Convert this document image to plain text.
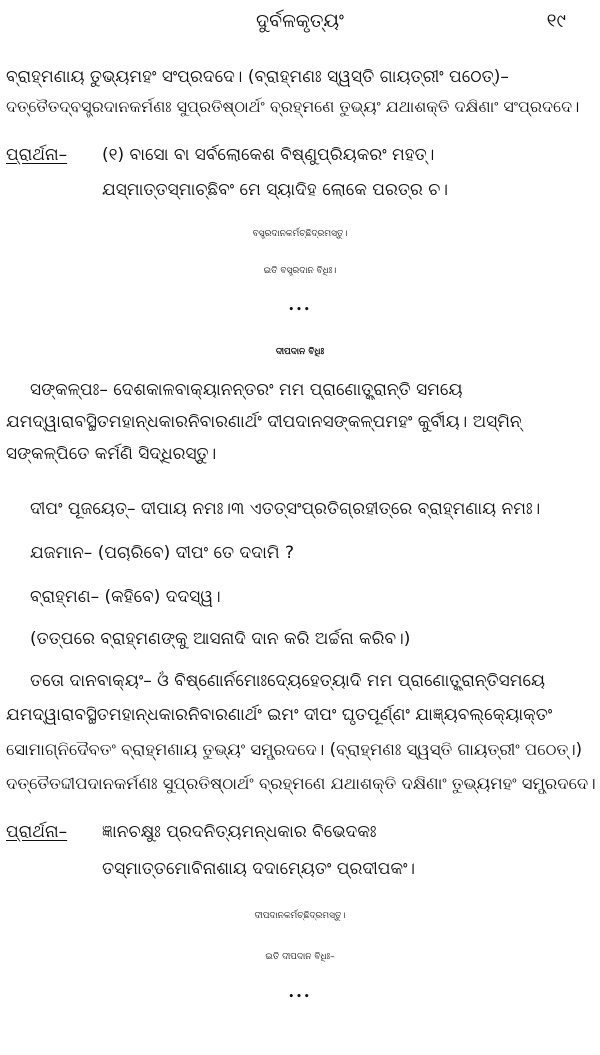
ଦୁର୍ବଳକୃତ୍ୟଂ	୧୯
ବ୍ରାହ୍ମଣାୟ ତୁଭ୍ୟମହଂ ସଂପ୍ରଦଦେ। (ବ୍ରାହ୍ମଣଃ ସ୍ୱସ୍ତି ଗାୟତ୍ରୀଂ ପଠେତ୍)–
ଦତ୍ତୈତଦ୍‌ବସ୍ତ୍ରଦାନକର୍ମଣଃ ସୁପ୍ରତିଷ୍ଠାର୍ଥଂ ବ୍ରହ୍ମଣେ ତୁଭ୍ୟଂ ଯଥାଶକ୍ତି ଦକ୍ଷିଣାଂ ସଂପ୍ରଦଦେ।
ପ୍ରାର୍ଥନା– (୧) ବାସୋ ବା ସର୍ବଲୋକେଶ ବିଷ୍ଣୁପ୍ରିୟକରଂ ମହତ୍।
ଯସ୍ମାତ୍ତସ୍ମାଚ୍ଛିବଂ ମେ ସ୍ୟାଦିହ ଲୋକେ ପରତ୍ର ଚ।
ବସ୍ତ୍ରଦାନକର୍ମଚ୍ଛିଦ୍ରମସ୍ତୁ।
ଇତି ବସ୍ତ୍ରଦାନ ବିଧିଃ।
•••
ଦୀପଦାନ ବିଧିଃ
ସଙ୍କଳ୍ପଃ– ଦେଶକାଳବାକ୍ୟାନନ୍ତରଂ ମମ ପ୍ରାଣୋତ୍କ୍ରାନ୍ତି ସମୟେ
ଯମଦ୍ୱାରାବସ୍ଥିତମହାନ୍ଧକାରନିବାରଣାର୍ଥଂ ଦୀପଦାନସଙ୍କଳ୍ପମହଂ କୁର୍ବୀୟ। ଅସ୍ମିନ୍
ସଙ୍କଳ୍ପିତେ କର୍ମଣି ସିଦ୍ଧିରସ୍ତୁ।
ଦୀପଂ ପୂଜୟେତ୍– ଦୀପାୟ ନମଃ।୩ ଏତତ୍‌ସଂପ୍ରତିଗ୍ରହୀତ୍ରେ ବ୍ରାହ୍ମଣାୟ ନମଃ।
ଯଜମାନ– (ପଚାରିବେ) ଦୀପଂ ତେ ଦଦାମି ?
ବ୍ରାହ୍ମଣ– (କହିବେ) ଦଦସ୍ୱ।
(ତତ୍‌ପରେ ବ୍ରାହ୍ମଣଙ୍କୁ ଆସନାଦି ଦାନ କରି ଅର୍ଚ୍ଚନା କରିବ।)
ତତୋ ଦାନବାକ୍ୟଂ– ଓଁ ବିଷ୍ଣୋର୍ନମୋଃଦ୍ୟେହେତ୍ୟାଦି ମମ ପ୍ରାଣୋତ୍କ୍ରାନ୍ତିସମୟେ
ଯମଦ୍ୱାରାବସ୍ଥିତମହାନ୍ଧକାରନିବାରଣାର୍ଥଂ ଇମଂ ଦୀପଂ ଘୃତପୂର୍ଣ୍ଣଂ ଯାଜ୍ଞ୍ୟବଲ୍କ୍ୟୋକ୍ତଂ
ସୋମାଗ୍ନିଦୈବତଂ ବ୍ରାହ୍ମଣାୟ ତୁଭ୍ୟଂ ସମ୍ପ୍ରଦଦେ। (ବ୍ରାହ୍ମଣଃ ସ୍ୱସ୍ତି ଗାୟତ୍ରୀଂ ପଠେତ୍।)
ଦତ୍ତୈତଦ୍ଦୀପଦାନକର୍ମଣଃ ସୁପ୍ରତିଷ୍ଠାର୍ଥଂ ବ୍ରହ୍ମଣେ ଯଥାଶକ୍ତି ଦକ୍ଷିଣାଂ ତୁଭ୍ୟମହଂ ସମ୍ପ୍ରଦଦେ।
ପ୍ରାର୍ଥନା– ଜ୍ଞାନଚକ୍ଷୁଃ ପ୍ରଦନିତ୍ୟମନ୍ଧକାର ବିଭେଦକଃ
ତସ୍ମାତ୍ତମୋବିନାଶାୟ ଦଦାମ୍ୟେତଂ ପ୍ରଦୀପକଂ।
ଦୀପଦାନକର୍ମଚ୍ଛିଦ୍ରମସ୍ତୁ।
ଇତି ଦୀପଦାନ ବିଧିଃ–
•••
